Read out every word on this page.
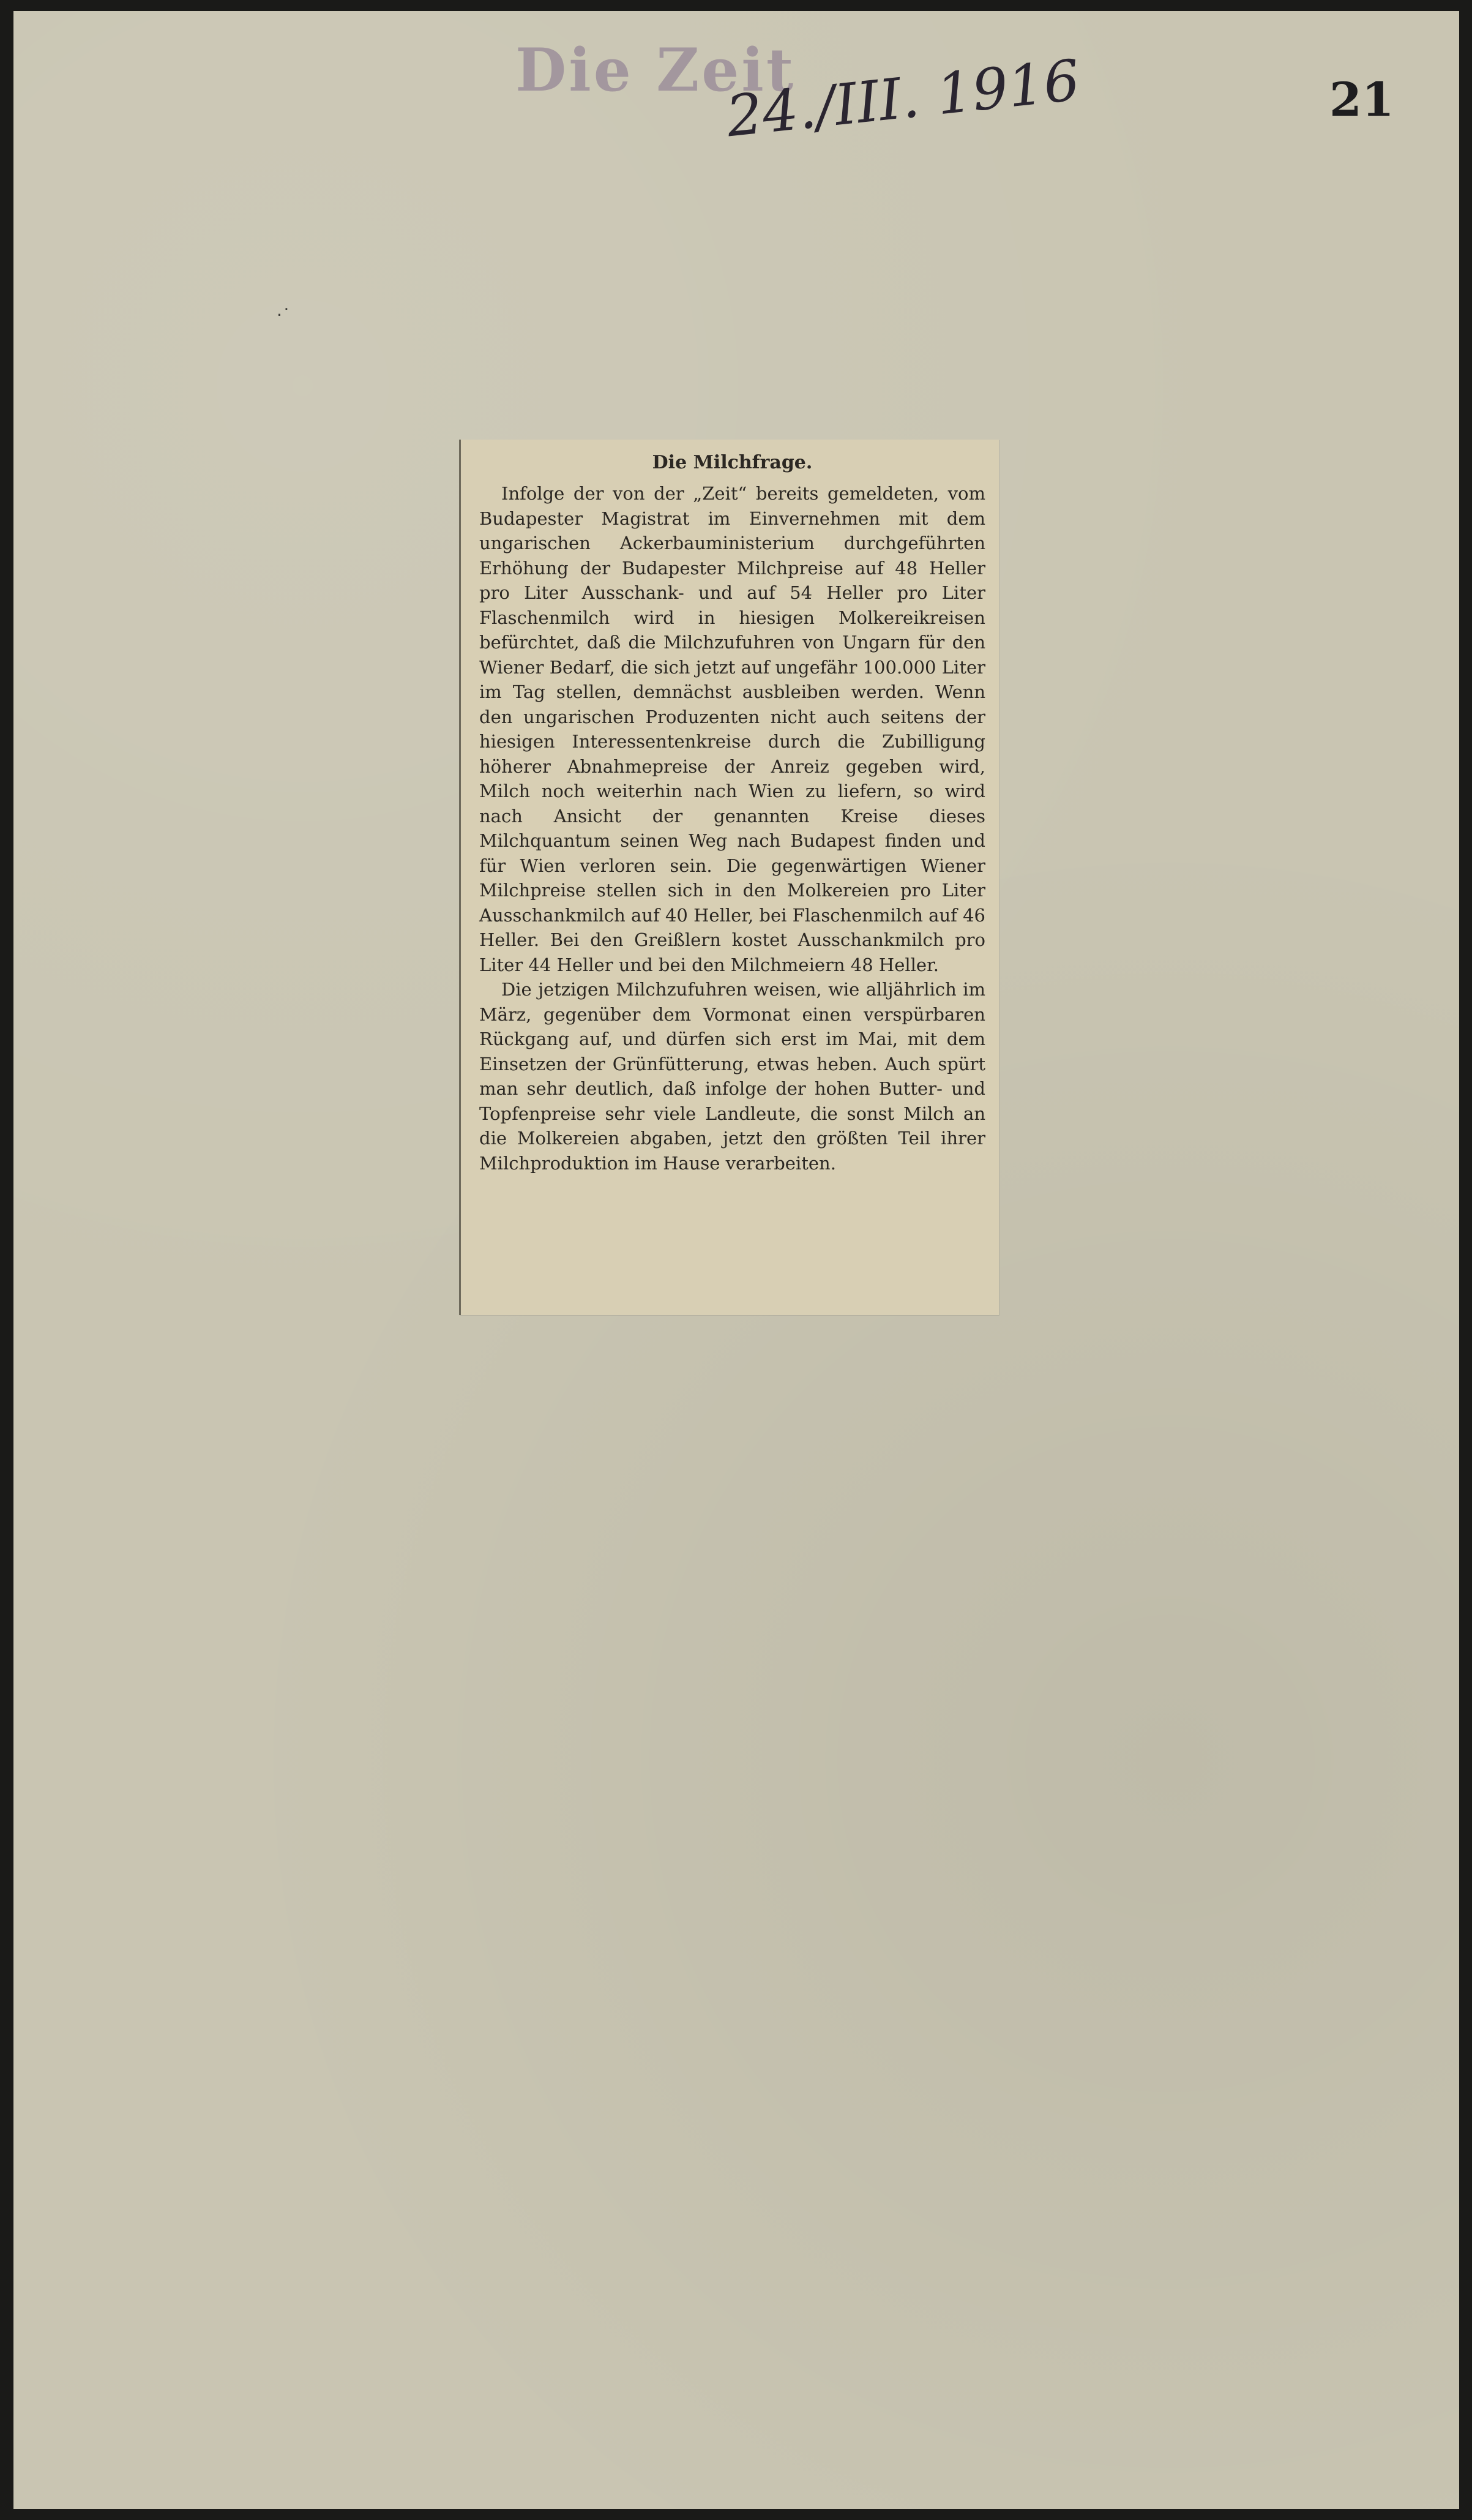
Die Zeit
24./III. 1916	21
·˙
Die Milchfrage.

Infolge der von der „Zeit“ bereits gemeldeten, vom Budapester Magistrat im Einvernehmen mit dem ungarischen Ackerbauministerium durchgeführten Erhöhung der Budapester Milchpreise auf 48 Heller pro Liter Ausschank- und auf 54 Heller pro Liter Flaschenmilch wird in hiesigen Molkereikreisen befürchtet, daß die Milchzufuhren von Ungarn für den Wiener Bedarf, die sich jetzt auf ungefähr 100.000 Liter im Tag stellen, demnächst ausbleiben werden. Wenn den ungarischen Produzenten nicht auch seitens der hiesigen Interessentenkreise durch die Zubilligung höherer Abnahmepreise der Anreiz gegeben wird, Milch noch weiterhin nach Wien zu liefern, so wird nach Ansicht der genannten Kreise dieses Milchquantum seinen Weg nach Budapest finden und für Wien verloren sein. Die gegenwärtigen Wiener Milchpreise stellen sich in den Molkereien pro Liter Ausschankmilch auf 40 Heller, bei Flaschenmilch auf 46 Heller. Bei den Greißlern kostet Ausschankmilch pro Liter 44 Heller und bei den Milchmeiern 48 Heller.

Die jetzigen Milchzufuhren weisen, wie alljährlich im März, gegenüber dem Vormonat einen verspürbaren Rückgang auf, und dürfen sich erst im Mai, mit dem Einsetzen der Grünfütterung, etwas heben. Auch spürt man sehr deutlich, daß infolge der hohen Butter- und Topfenpreise sehr viele Landleute, die sonst Milch an die Molkereien abgaben, jetzt den größten Teil ihrer Milchproduktion im Hause verarbeiten.
